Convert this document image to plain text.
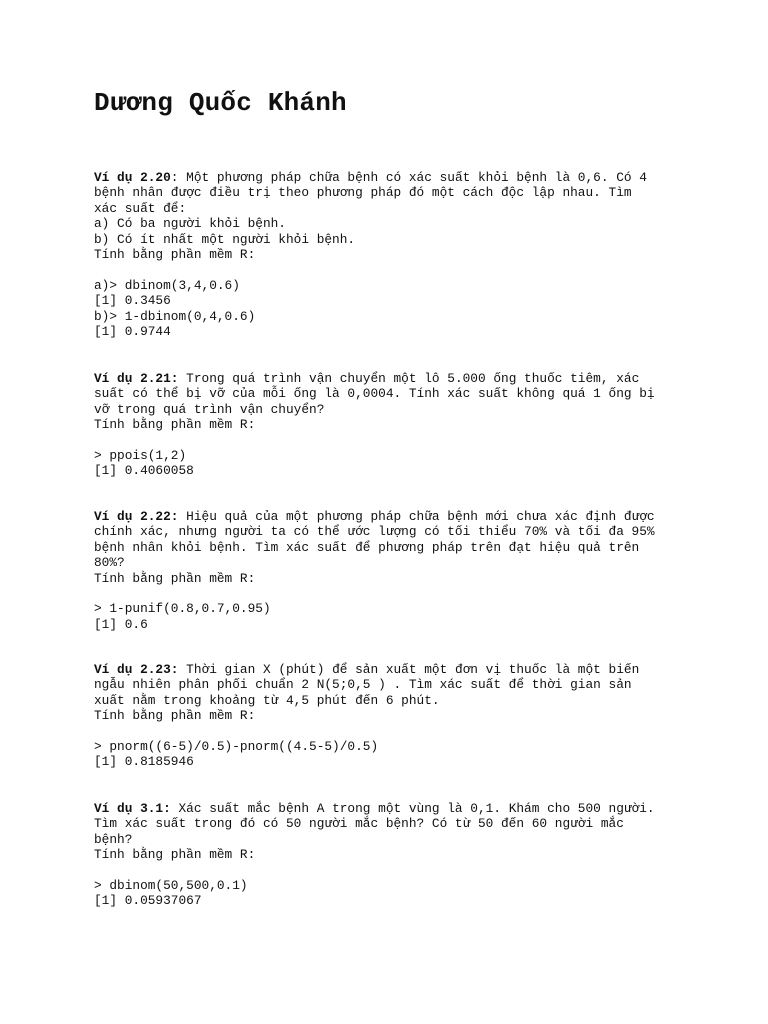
Dương Quốc Khánh
Ví dụ 2.20: Một phương pháp chữa bệnh có xác suất khỏi bệnh là 0,6. Có 4
bệnh nhân được điều trị theo phương pháp đó một cách độc lập nhau. Tìm
xác suất để:
a) Có ba người khỏi bệnh.
b) Có ít nhất một người khỏi bệnh.
Tính bằng phần mềm R:
a)> dbinom(3,4,0.6)
[1] 0.3456
b)> 1-dbinom(0,4,0.6)
[1] 0.9744
Ví dụ 2.21: Trong quá trình vận chuyển một lô 5.000 ống thuốc tiêm, xác
suất có thể bị vỡ của mỗi ống là 0,0004. Tính xác suất không quá 1 ống bị
vỡ trong quá trình vận chuyển?
Tính bằng phần mềm R:
> ppois(1,2)
[1] 0.4060058
Ví dụ 2.22: Hiệu quả của một phương pháp chữa bệnh mới chưa xác định được
chính xác, nhưng người ta có thể ước lượng có tối thiểu 70% và tối đa 95%
bệnh nhân khỏi bệnh. Tìm xác suất để phương pháp trên đạt hiệu quả trên
80%?
Tính bằng phần mềm R:
> 1-punif(0.8,0.7,0.95)
[1] 0.6
Ví dụ 2.23: Thời gian X (phút) để sản xuất một đơn vị thuốc là một biến
ngẫu nhiên phân phối chuẩn 2 N(5;0,5 ) . Tìm xác suất để thời gian sản
xuất nằm trong khoảng từ 4,5 phút đến 6 phút.
Tính bằng phần mềm R:
> pnorm((6-5)/0.5)-pnorm((4.5-5)/0.5)
[1] 0.8185946
Ví dụ 3.1: Xác suất mắc bệnh A trong một vùng là 0,1. Khám cho 500 người.
Tìm xác suất trong đó có 50 người mắc bệnh? Có từ 50 đến 60 người mắc
bệnh?
Tính bằng phần mềm R:
> dbinom(50,500,0.1)
[1] 0.05937067
